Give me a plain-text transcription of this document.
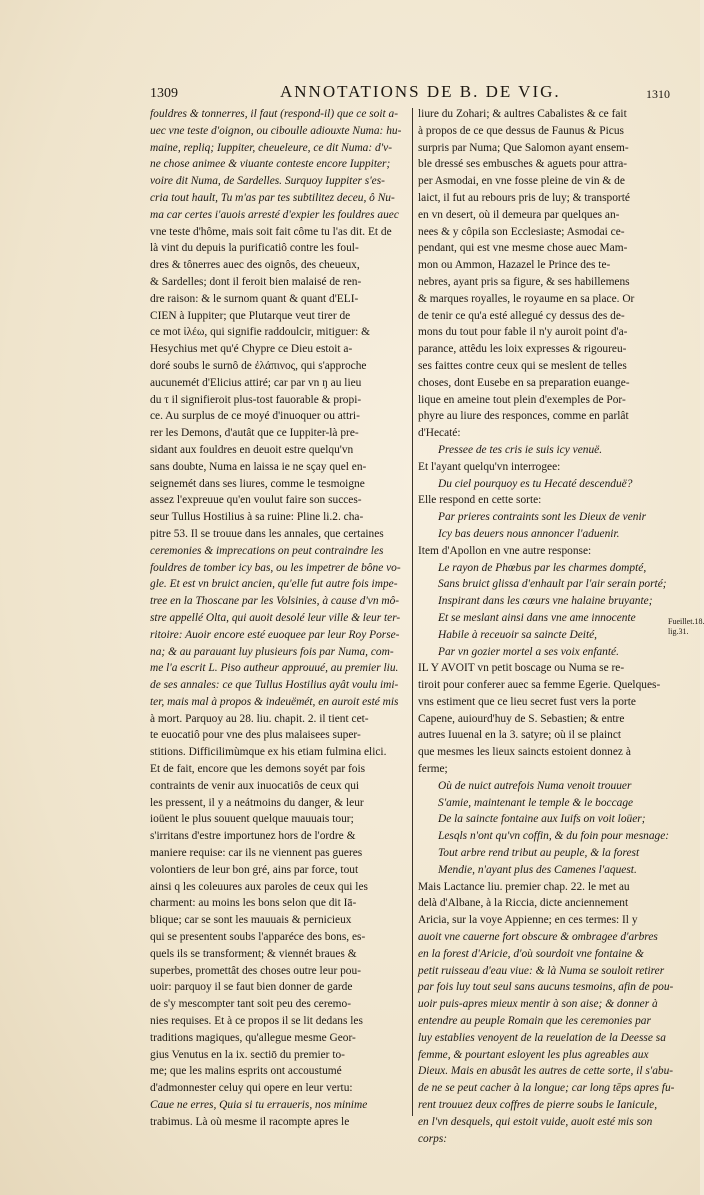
1309	ANNOTATIONS DE B. DE VIG.	1310
fouldres & tonnerres, il faut (respond-il) que ce soit a-
uec vne teste d'oignon, ou ciboulle adiouxte Numa: hu-
maine, repliq; Iuppiter, cheueleure, ce dit Numa: d'v-
ne chose animee & viuante conteste encore Iuppiter;
voire dit Numa, de Sardelles. Surquoy Iuppiter s'es-
cria tout hault, Tu m'as par tes subtilitez deceu, ô Nu-
ma car certes i'auois arresté d'expier les fouldres auec
vne teste d'hôme, mais soit fait côme tu l'as dit. Et de
là vint du depuis la purificatiô contre les foul-
dres & tônerres auec des oignôs, des cheueux,
& Sardelles; dont il feroit bien malaisé de ren-
dre raison: & le surnom quant & quant d'ELI-
CIEN à Iuppiter; que Plutarque veut tirer de
ce mot ἱλέω, qui signifie raddoulcir, mitiguer: &
Hesychius met qu'é Chypre ce Dieu estoit a-
doré soubs le surnô de ἐλάπινος, qui s'approche
aucunemét d'Elicius attiré; car par vn ŋ au lieu
du τ il signifieroit plus-tost fauorable & propi-
ce. Au surplus de ce moyé d'inuoquer ou attri-
rer les Demons, d'autât que ce Iuppiter-là pre-
sidant aux fouldres en deuoit estre quelqu'vn
sans doubte, Numa en laissa ie ne sçay quel en-
seignemét dans ses liures, comme le tesmoigne
assez l'expreuue qu'en voulut faire son succes-
seur Tullus Hostilius à sa ruine: Pline li.2. cha-
pitre 53. Il se trouue dans les annales, que certaines
ceremonies & imprecations on peut contraindre les
fouldres de tomber icy bas, ou les impetrer de bône vo-
gle. Et est vn bruict ancien, qu'elle fut autre fois impe-
tree en la Thoscane par les Volsinies, à cause d'vn mô-
stre appellé Olta, qui auoit desolé leur ville & leur ter-
ritoire: Auoir encore esté euoquee par leur Roy Porse-
na; & au parauant luy plusieurs fois par Numa, com-
me l'a escrit L. Piso autheur approuué, au premier liu.
de ses annales: ce que Tullus Hostilius ayât voulu imi-
ter, mais mal à propos & indeuëmét, en auroit esté mis
à mort. Parquoy au 28. liu. chapit. 2. il tient cet-
te euocatiô pour vne des plus malaisees super-
stitions. Difficilimùmque ex his etiam fulmina elici.
Et de fait, encore que les demons soyét par fois
contraints de venir aux inuocatiôs de ceux qui
les pressent, il y a neátmoins du danger, & leur
ioüent le plus souuent quelque mauuais tour;
s'irritans d'estre importunez hors de l'ordre &
maniere requise: car ils ne viennent pas gueres
volontiers de leur bon gré, ains par force, tout
ainsi q les coleuures aux paroles de ceux qui les
charment: au moins les bons selon que dit Iā-
blique; car se sont les mauuais & pernicieux
qui se presentent soubs l'apparéce des bons, es-
quels ils se transforment; & viennét braues &
superbes, promettât des choses outre leur pou-
uoir: parquoy il se faut bien donner de garde
de s'y mescompter tant soit peu des ceremo-
nies requises. Et à ce propos il se lit dedans les
traditions magiques, qu'allegue mesme Geor-
gius Venutus en la ix. sectiō du premier to-
me; que les malins esprits ont accoustumé
d'admonnester celuy qui opere en leur vertu:
Caue ne erres, Quia si tu erraueris, nos minime
trabimus. Là où mesme il racompte apres le
liure du Zohari; & aultres Cabalistes & ce fait
à propos de ce que dessus de Faunus & Picus
surpris par Numa; Que Salomon ayant ensem-
ble dressé ses embusches & aguets pour attra-
per Asmodai, en vne fosse pleine de vin & de
laict, il fut au rebours pris de luy; & transporté
en vn desert, où il demeura par quelques an-
nees & y côpila son Ecclesiaste; Asmodai ce-
pendant, qui est vne mesme chose auec Mam-
mon ou Ammon, Hazazel le Prince des te-
nebres, ayant pris sa figure, & ses habillemens
& marques royalles, le royaume en sa place. Or
de tenir ce qu'a esté allegué cy dessus des de-
mons du tout pour fable il n'y auroit point d'a-
parance, attêdu les loix expresses & rigoureu-
ses faittes contre ceux qui se meslent de telles
choses, dont Eusebe en sa preparation euange-
lique en ameine tout plein d'exemples de Por-
phyre au liure des responces, comme en parlât
d'Hecaté:
Pressee de tes cris ie suis icy venuë.
Et l'ayant quelqu'vn interrogee:
Du ciel pourquoy es tu Hecaté descenduë?
Elle respond en cette sorte:
Par prieres contraints sont les Dieux de venir
Icy bas deuers nous annoncer l'aduenir.
Item d'Apollon en vne autre response:
Le rayon de Phœbus par les charmes dompté,
Sans bruict glissa d'enhault par l'air serain porté;
Inspirant dans les cœurs vne halaine bruyante;
Et se meslant ainsi dans vne ame innocente
Habile à receuoir sa saincte Deité,
Par vn gozier mortel a ses voix enfanté.
IL Y AVOIT vn petit boscage ou Numa se re-
tiroit pour conferer auec sa femme Egerie. Quelques-
vns estiment que ce lieu secret fust vers la porte
Capene, auiourd'huy de S. Sebastien; & entre
autres Iuuenal en la 3. satyre; où il se plainct
que mesmes les lieux saincts estoient donnez à
ferme;
Où de nuict autrefois Numa venoit trouuer
S'amie, maintenant le temple & le boccage
De la saincte fontaine aux Iuifs on voit loüer;
Lesqls n'ont qu'vn coffin, & du foin pour mesnage:
Tout arbre rend tribut au peuple, & la forest
Mendie, n'ayant plus des Camenes l'aquest.
Mais Lactance liu. premier chap. 22. le met au
delà d'Albane, à la Riccia, dicte anciennement
Aricia, sur la voye Appienne; en ces termes: Il y
auoit vne cauerne fort obscure & ombragee d'arbres
en la forest d'Aricie, d'où sourdoit vne fontaine &
petit ruisseau d'eau viue: & là Numa se souloit retirer
par fois luy tout seul sans aucuns tesmoins, afin de pou-
uoir puis-apres mieux mentir à son aise; & donner à
entendre au peuple Romain que les ceremonies par
luy establies venoyent de la reuelation de la Deesse sa
femme, & pourtant esloyent les plus agreables aux
Dieux. Mais en abusât les autres de cette sorte, il s'abu-
de ne se peut cacher à la longue; car long tēps apres fu-
rent trouuez deux coffres de pierre soubs le Ianicule,
en l'vn desquels, qui estoit vuide, auoit esté mis son
corps:
Fueillet.18.
lig.31.
